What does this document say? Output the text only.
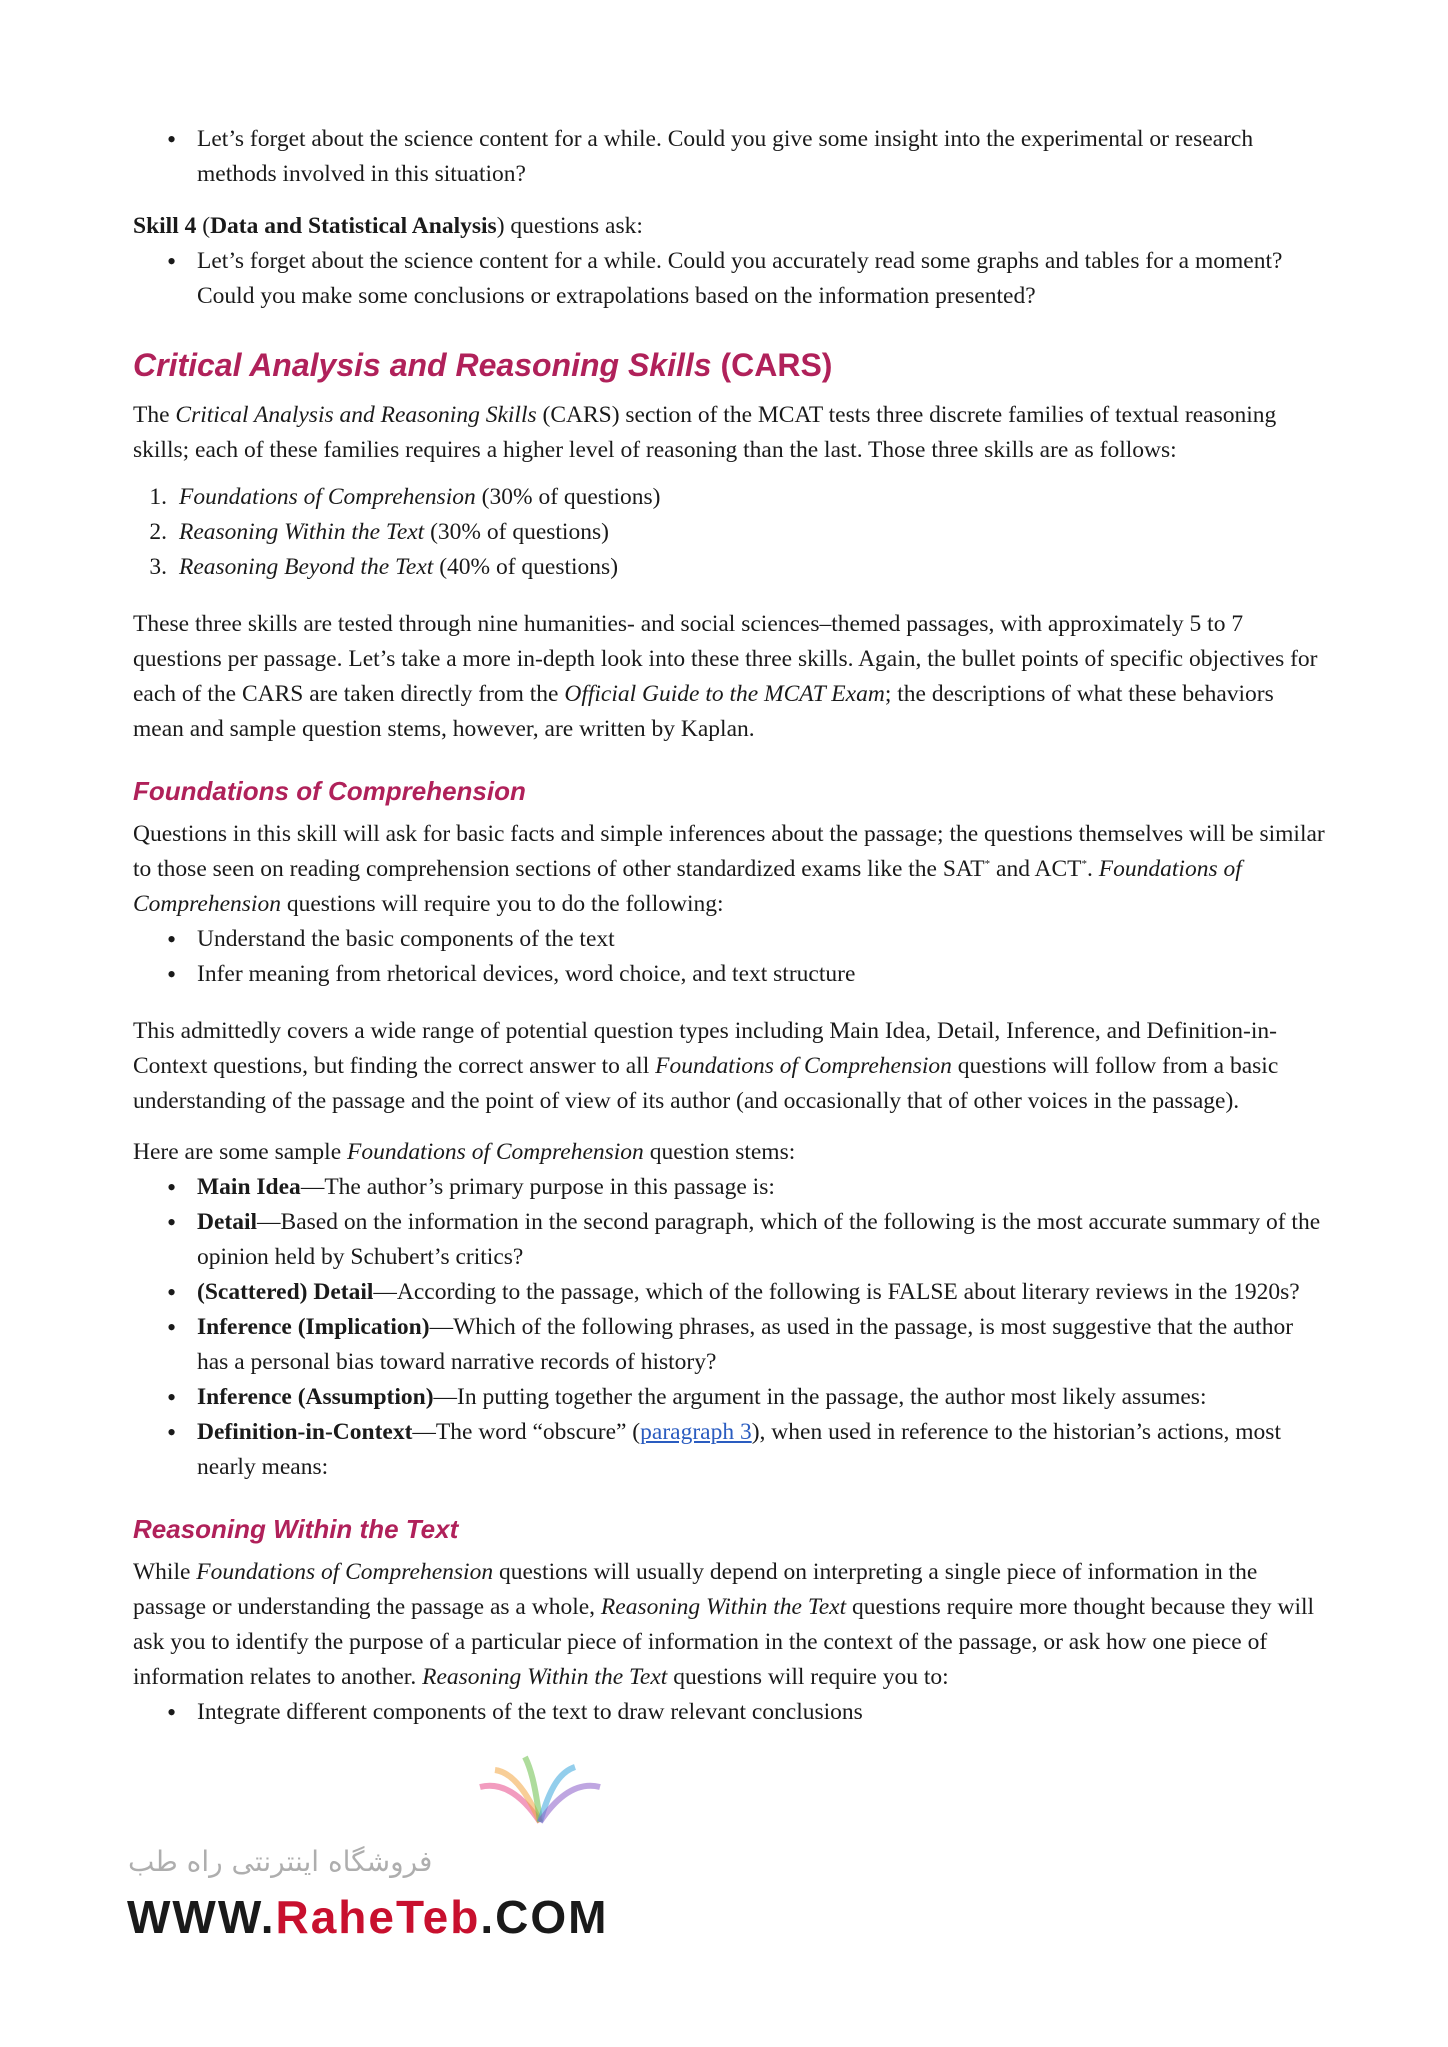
• Let’s forget about the science content for a while. Could you give some insight into the experimental or research methods involved in this situation?

Skill 4 (Data and Statistical Analysis) questions ask:

• Let’s forget about the science content for a while. Could you accurately read some graphs and tables for a moment? Could you make some conclusions or extrapolations based on the information presented?

Critical Analysis and Reasoning Skills (CARS)

The Critical Analysis and Reasoning Skills (CARS) section of the MCAT tests three discrete families of textual reasoning skills; each of these families requires a higher level of reasoning than the last. Those three skills are as follows:

1. Foundations of Comprehension (30% of questions)
2. Reasoning Within the Text (30% of questions)
3. Reasoning Beyond the Text (40% of questions)

These three skills are tested through nine humanities- and social sciences–themed passages, with approximately 5 to 7 questions per passage. Let’s take a more in-depth look into these three skills. Again, the bullet points of specific objectives for each of the CARS are taken directly from the Official Guide to the MCAT Exam; the descriptions of what these behaviors mean and sample question stems, however, are written by Kaplan.

Foundations of Comprehension

Questions in this skill will ask for basic facts and simple inferences about the passage; the questions themselves will be similar to those seen on reading comprehension sections of other standardized exams like the SAT* and ACT*. Foundations of Comprehension questions will require you to do the following:

• Understand the basic components of the text

• Infer meaning from rhetorical devices, word choice, and text structure

This admittedly covers a wide range of potential question types including Main Idea, Detail, Inference, and Definition-in-Context questions, but finding the correct answer to all Foundations of Comprehension questions will follow from a basic understanding of the passage and the point of view of its author (and occasionally that of other voices in the passage).

Here are some sample Foundations of Comprehension question stems:

• Main Idea—The author’s primary purpose in this passage is:

• Detail—Based on the information in the second paragraph, which of the following is the most accurate summary of the opinion held by Schubert’s critics?

• (Scattered) Detail—According to the passage, which of the following is FALSE about literary reviews in the 1920s?

• Inference (Implication)—Which of the following phrases, as used in the passage, is most suggestive that the author has a personal bias toward narrative records of history?

• Inference (Assumption)—In putting together the argument in the passage, the author most likely assumes:

• Definition-in-Context—The word “obscure” (paragraph 3), when used in reference to the historian’s actions, most nearly means:

Reasoning Within the Text

While Foundations of Comprehension questions will usually depend on interpreting a single piece of information in the passage or understanding the passage as a whole, Reasoning Within the Text questions require more thought because they will ask you to identify the purpose of a particular piece of information in the context of the passage, or ask how one piece of information relates to another. Reasoning Within the Text questions will require you to:

• Integrate different components of the text to draw relevant conclusions

فروشگاه اینترنتی راه طب
WWW.RaheTeb.COM
